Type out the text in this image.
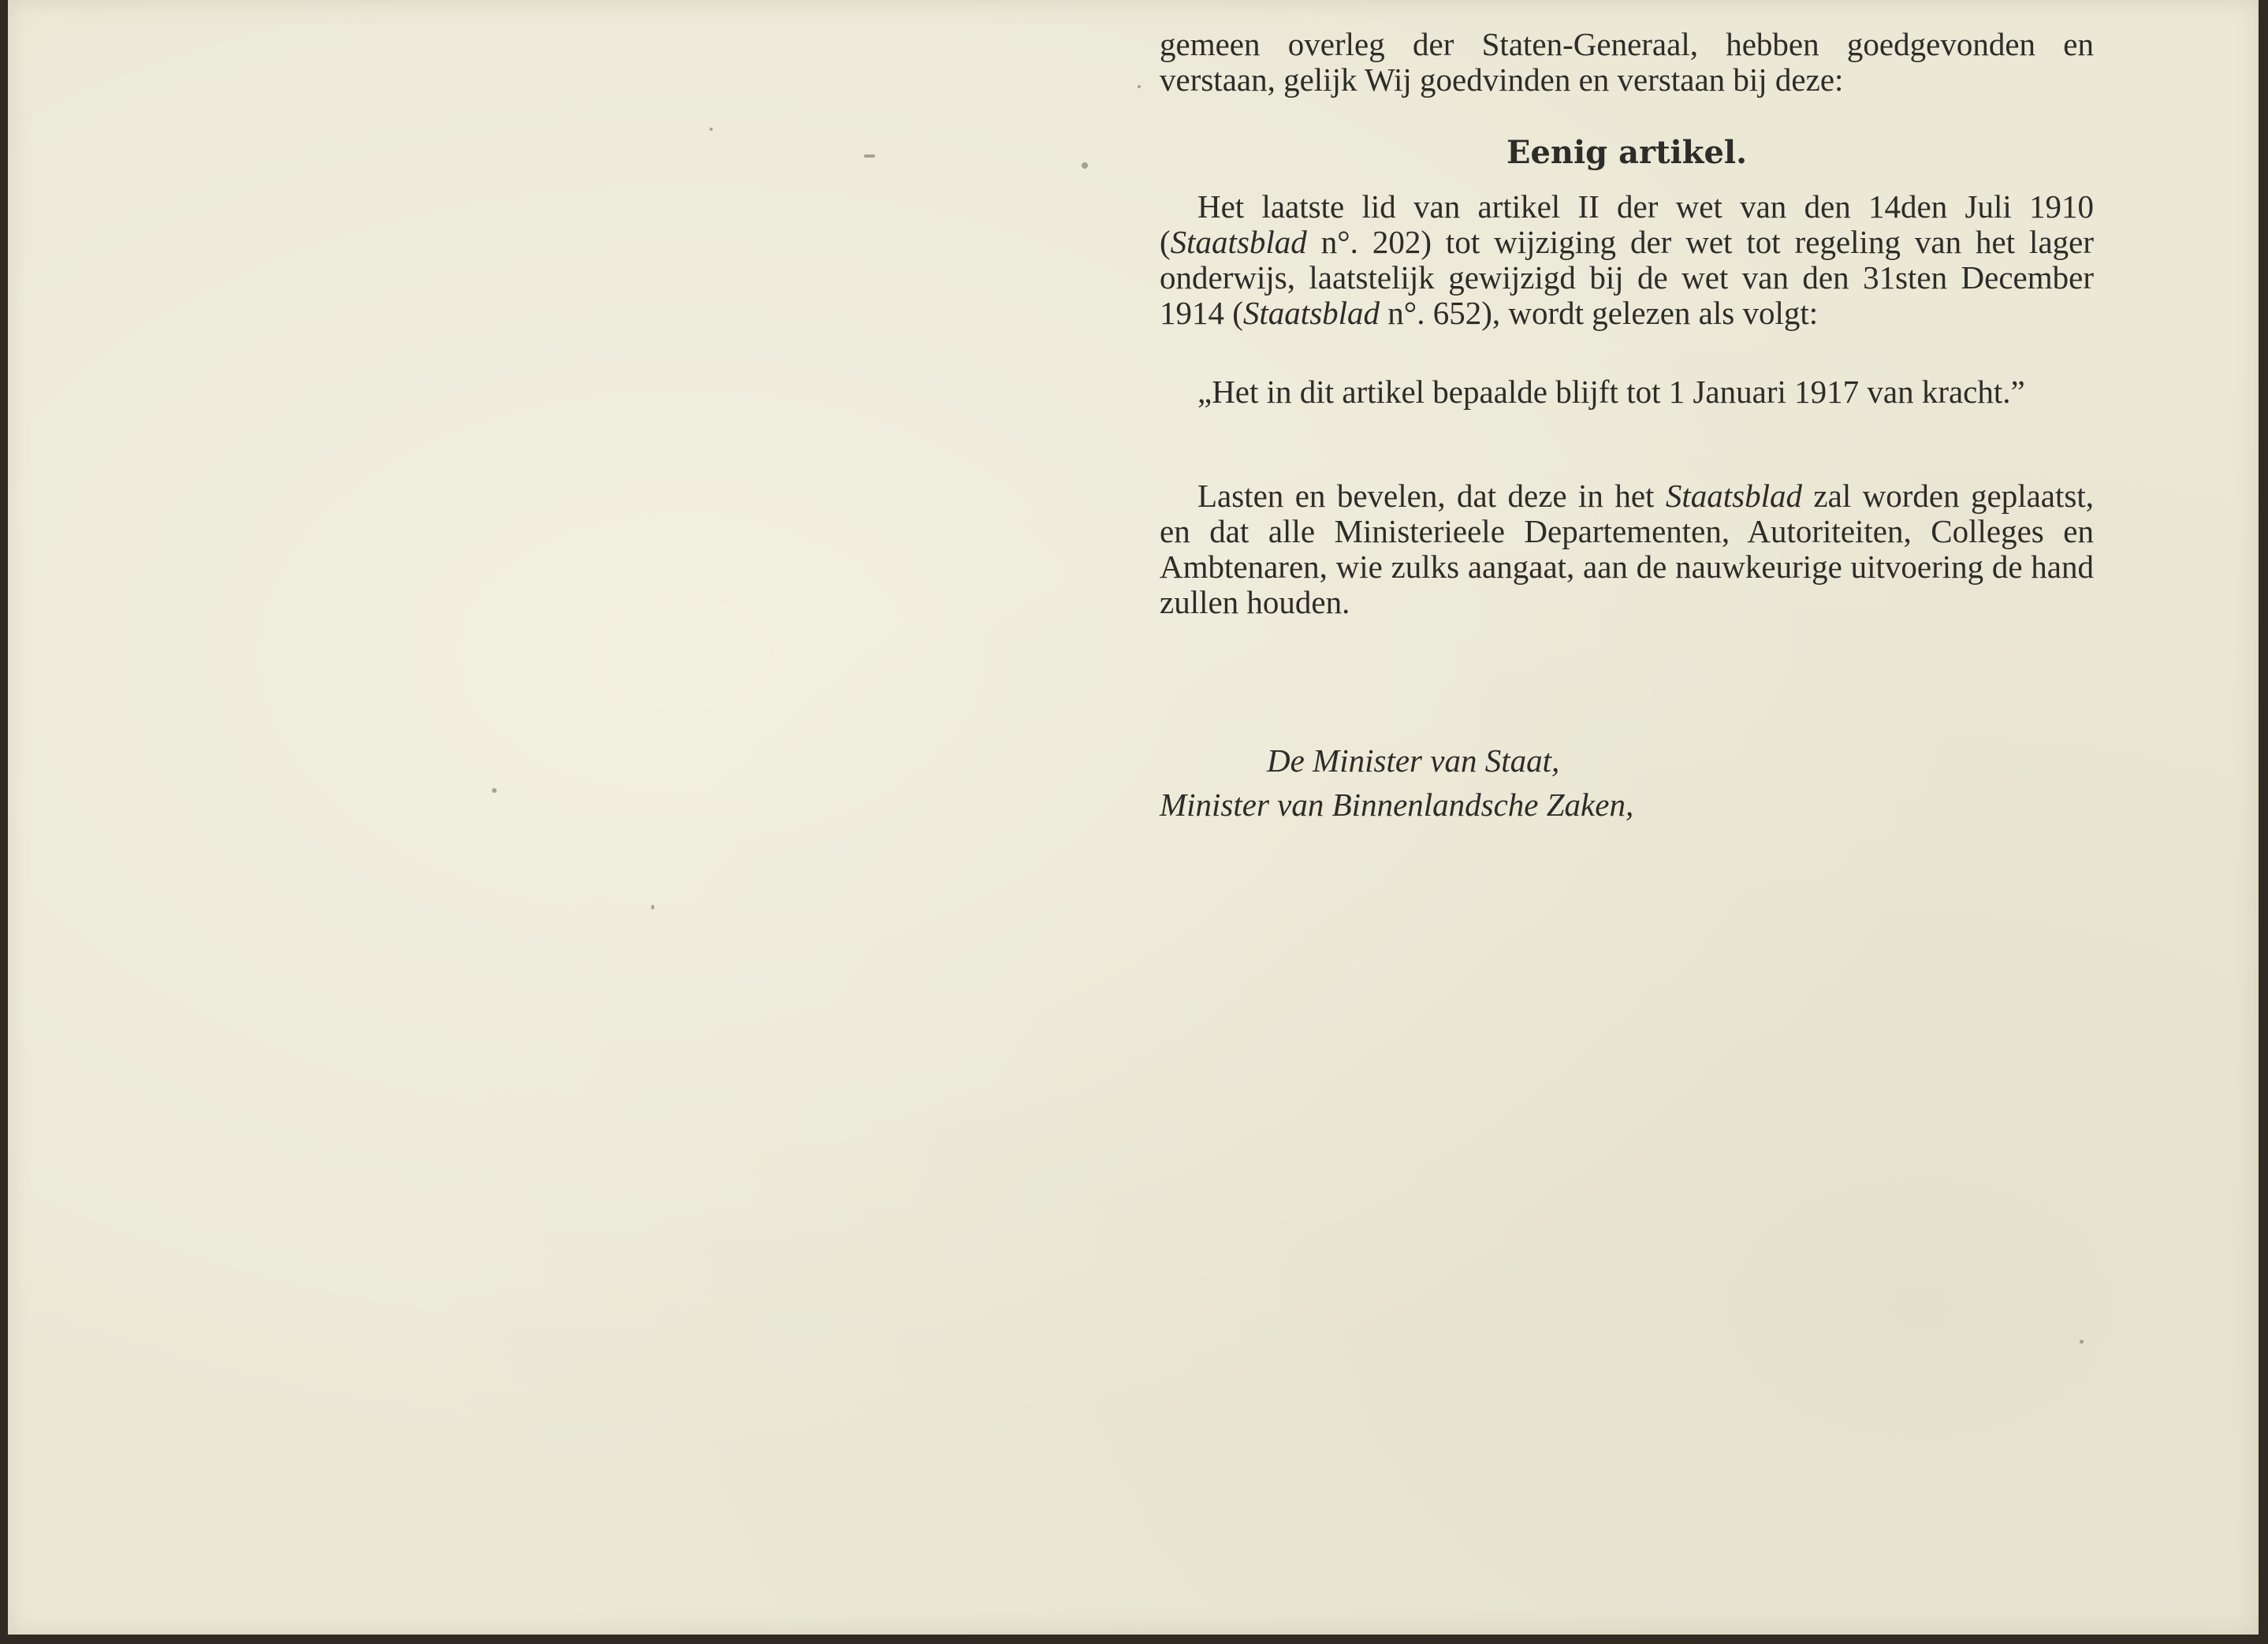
gemeen overleg der Staten-Generaal, hebben goedgevonden en

verstaan, gelijk Wij goedvinden en verstaan bij deze:

Eenig artikel.

Het laatste lid van artikel II der wet van den 14den Juli 1910 (Staatsblad n°. 202) tot wijziging der wet tot regeling van het lager onderwijs, laatstelijk gewijzigd bij de wet van den 31sten December 1914 (Staatsblad n°. 652), wordt gelezen als volgt:

„Het in dit artikel bepaalde blijft tot 1 Januari 1917 van kracht.”

Lasten en bevelen, dat deze in het Staatsblad zal worden geplaatst, en dat alle Ministerieele Departementen, Autoriteiten, Colleges en Ambtenaren, wie zulks aangaat, aan de nauwkeurige uitvoering de hand zullen houden.

De Minister van Staat,

Minister van Binnenlandsche Zaken,
